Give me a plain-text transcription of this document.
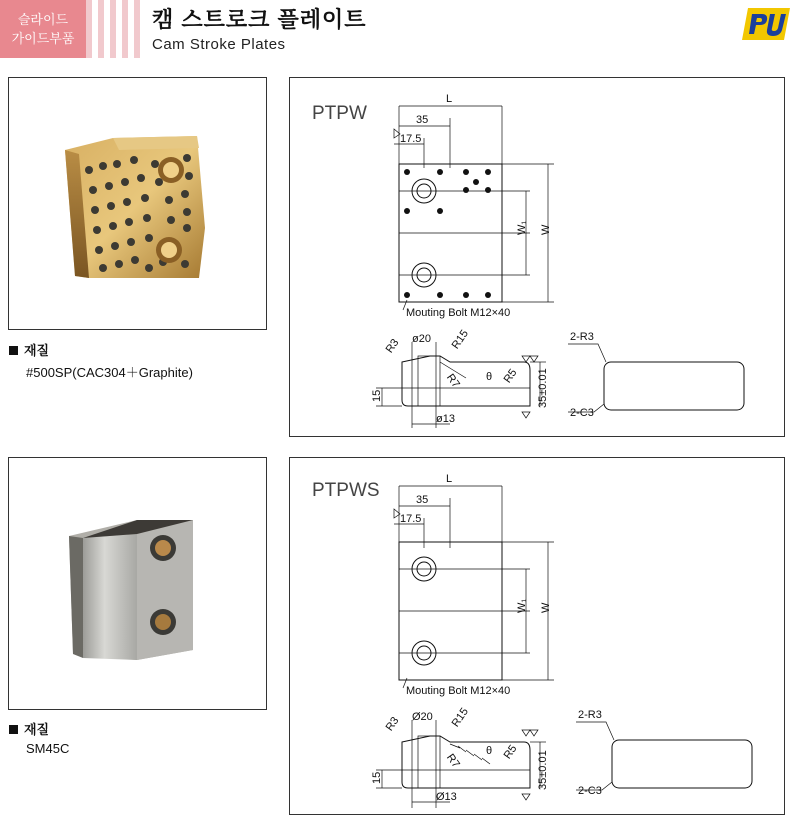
슬라이드
가이드부품
캠 스트로크 플레이트
Cam Stroke Plates
재질
#500SP(CAC304＋Graphite)
PTPW
L
35
17.5
W₁ W
Mouting Bolt M12×40
ø20
R3	R15
R7 θ R5
15	35±0.01
ø13
2-R3
2-C3
재질
SM45C
PTPWS
L
35
17.5
W₁ W
Mouting Bolt M12×40
Ø20
R3	R15
R7
θ R5
15	35±0.01
Ø13
2-R3
2-C3
